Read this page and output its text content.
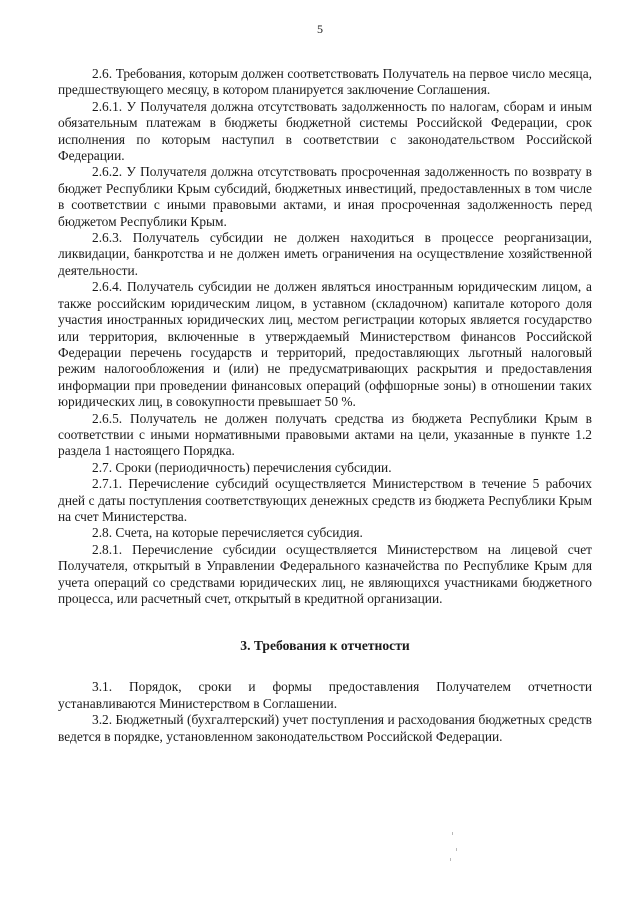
5

2.6. Требования, которым должен соответствовать Получатель на первое число месяца, предшествующего месяцу, в котором планируется заключение Соглашения.

2.6.1. У Получателя должна отсутствовать задолженность по налогам, сборам и иным обязательным платежам в бюджеты бюджетной системы Российской Федерации, срок исполнения по которым наступил в соответствии с законодательством Российской Федерации.

2.6.2. У Получателя должна отсутствовать просроченная задолженность по возврату в бюджет Республики Крым субсидий, бюджетных инвестиций, предоставленных в том числе в соответствии с иными правовыми актами, и иная просроченная задолженность перед бюджетом Республики Крым.

2.6.3. Получатель субсидии не должен находиться в процессе реорганизации, ликвидации, банкротства и не должен иметь ограничения на осуществление хозяйственной деятельности.

2.6.4. Получатель субсидии не должен являться иностранным юридическим лицом, а также российским юридическим лицом, в уставном (складочном) капитале которого доля участия иностранных юридических лиц, местом регистрации которых является государство или территория, включенные в утверждаемый Министерством финансов Российской Федерации перечень государств и территорий, предоставляющих льготный налоговый режим налогообложения и (или) не предусматривающих раскрытия и предоставления информации при проведении финансовых операций (оффшорные зоны) в отношении таких юридических лиц, в совокупности превышает 50 %.

2.6.5. Получатель не должен получать средства из бюджета Республики Крым в соответствии с иными нормативными правовыми актами на цели, указанные в пункте 1.2 раздела 1 настоящего Порядка.

2.7. Сроки (периодичность) перечисления субсидии.

2.7.1. Перечисление субсидий осуществляется Министерством в течение 5 рабочих дней с даты поступления соответствующих денежных средств из бюджета Республики Крым на счет Министерства.

2.8. Счета, на которые перечисляется субсидия.

2.8.1. Перечисление субсидии осуществляется Министерством на лицевой счет Получателя, открытый в Управлении Федерального казначейства по Республике Крым для учета операций со средствами юридических лиц, не являющихся участниками бюджетного процесса, или расчетный счет, открытый в кредитной организации.

3. Требования к отчетности

3.1. Порядок, сроки и формы предоставления Получателем отчетности устанавливаются Министерством в Соглашении.

3.2. Бюджетный (бухгалтерский) учет поступления и расходования бюджетных средств ведется в порядке, установленном законодательством Российской Федерации.
